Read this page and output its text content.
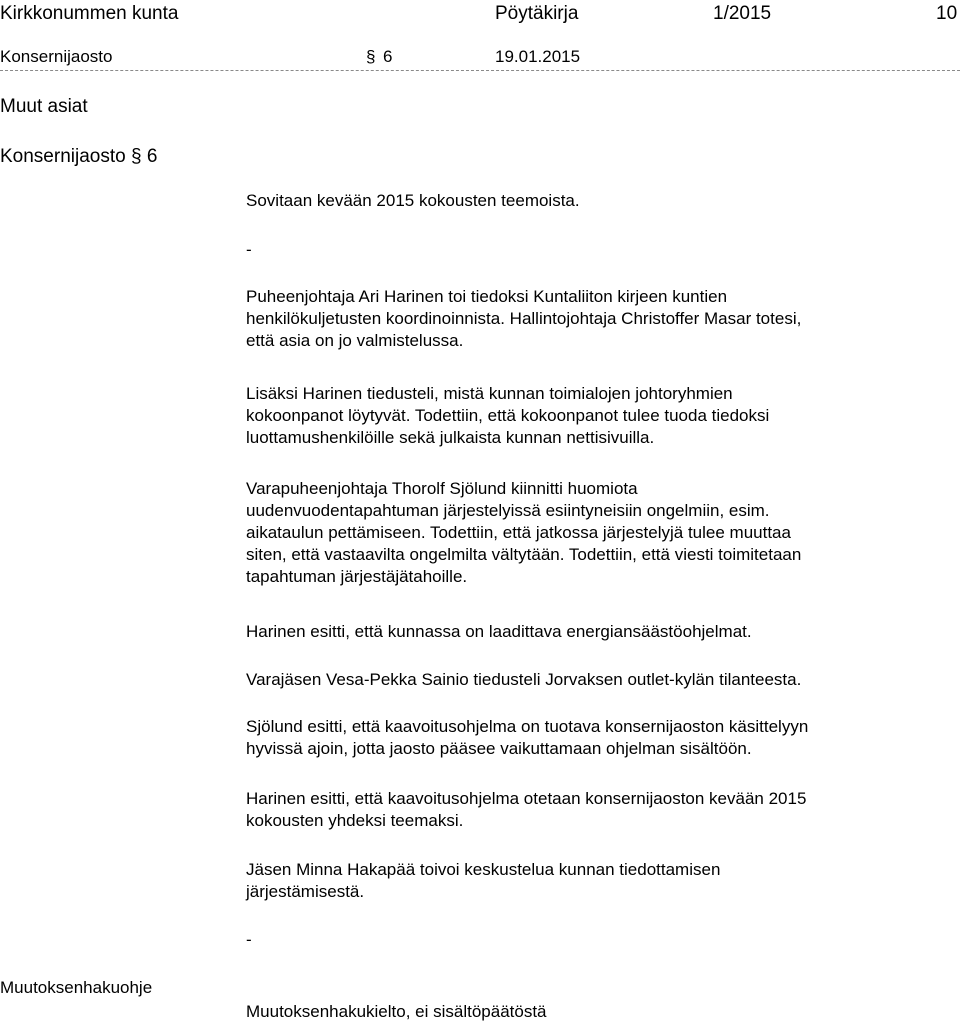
Kirkkonummen kunta	Pöytäkirja	1/2015	10
Konsernijaosto	§ 6	19.01.2015
Muut asiat
Konsernijaosto § 6
Sovitaan kevään 2015 kokousten teemoista.
-
Puheenjohtaja Ari Harinen toi tiedoksi Kuntaliiton kirjeen kuntien
henkilökuljetusten koordinoinnista. Hallintojohtaja Christoffer Masar totesi,
että asia on jo valmistelussa.
Lisäksi Harinen tiedusteli, mistä kunnan toimialojen johtoryhmien
kokoonpanot löytyvät. Todettiin, että kokoonpanot tulee tuoda tiedoksi
luottamushenkilöille sekä julkaista kunnan nettisivuilla.
Varapuheenjohtaja Thorolf Sjölund kiinnitti huomiota
uudenvuodentapahtuman järjestelyissä esiintyneisiin ongelmiin, esim.
aikataulun pettämiseen. Todettiin, että jatkossa järjestelyjä tulee muuttaa
siten, että vastaavilta ongelmilta vältytään. Todettiin, että viesti toimitetaan
tapahtuman järjestäjätahoille.
Harinen esitti, että kunnassa on laadittava energiansäästöohjelmat.
Varajäsen Vesa-Pekka Sainio tiedusteli Jorvaksen outlet-kylän tilanteesta.
Sjölund esitti, että kaavoitusohjelma on tuotava konsernijaoston käsittelyyn
hyvissä ajoin, jotta jaosto pääsee vaikuttamaan ohjelman sisältöön.
Harinen esitti, että kaavoitusohjelma otetaan konsernijaoston kevään 2015
kokousten yhdeksi teemaksi.
Jäsen Minna Hakapää toivoi keskustelua kunnan tiedottamisen
järjestämisestä.
-
Muutoksenhakuohje
Muutoksenhakukielto, ei sisältöpäätöstä
